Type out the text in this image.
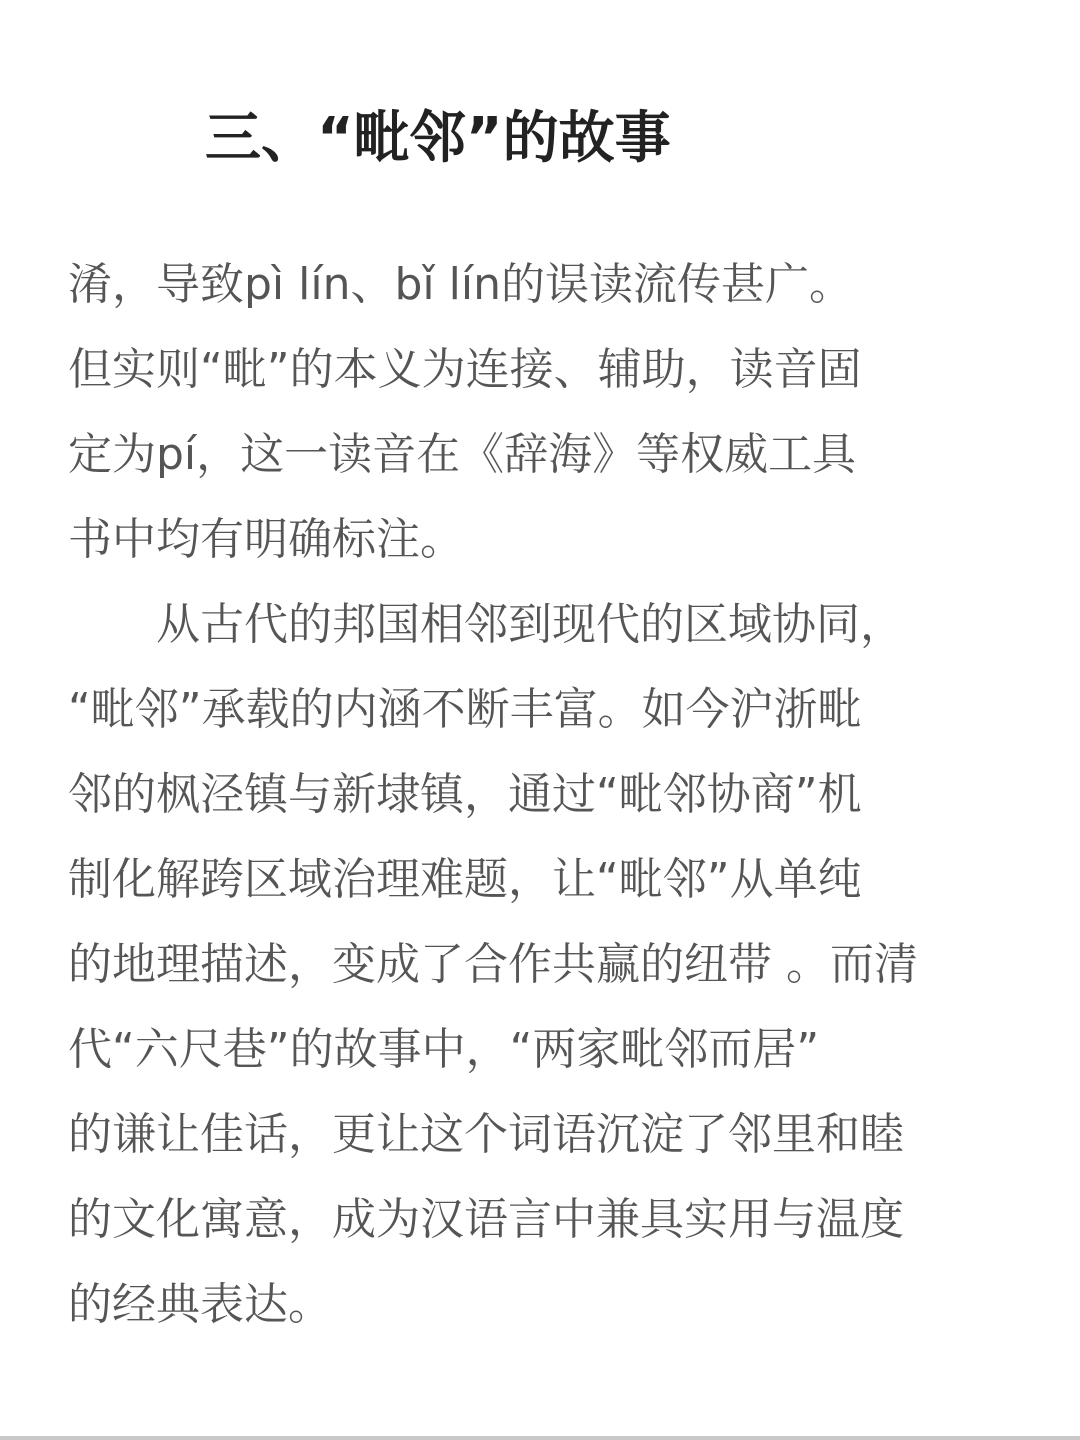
三、“毗邻”的故事
淆，导致pì lín、bǐ lín的误读流传甚广。
但实则“毗”的本义为连接、辅助，读音固
定为pí，这一读音在《辞海》等权威工具
书中均有明确标注。
　　从古代的邦国相邻到现代的区域协同，
“毗邻”承载的内涵不断丰富。如今沪浙毗
邻的枫泾镇与新埭镇，通过“毗邻协商”机
制化解跨区域治理难题，让“毗邻”从单纯
的地理描述，变成了合作共赢的纽带 。而清
代“六尺巷”的故事中，“两家毗邻而居”
的谦让佳话，更让这个词语沉淀了邻里和睦
的文化寓意，成为汉语言中兼具实用与温度
的经典表达。
